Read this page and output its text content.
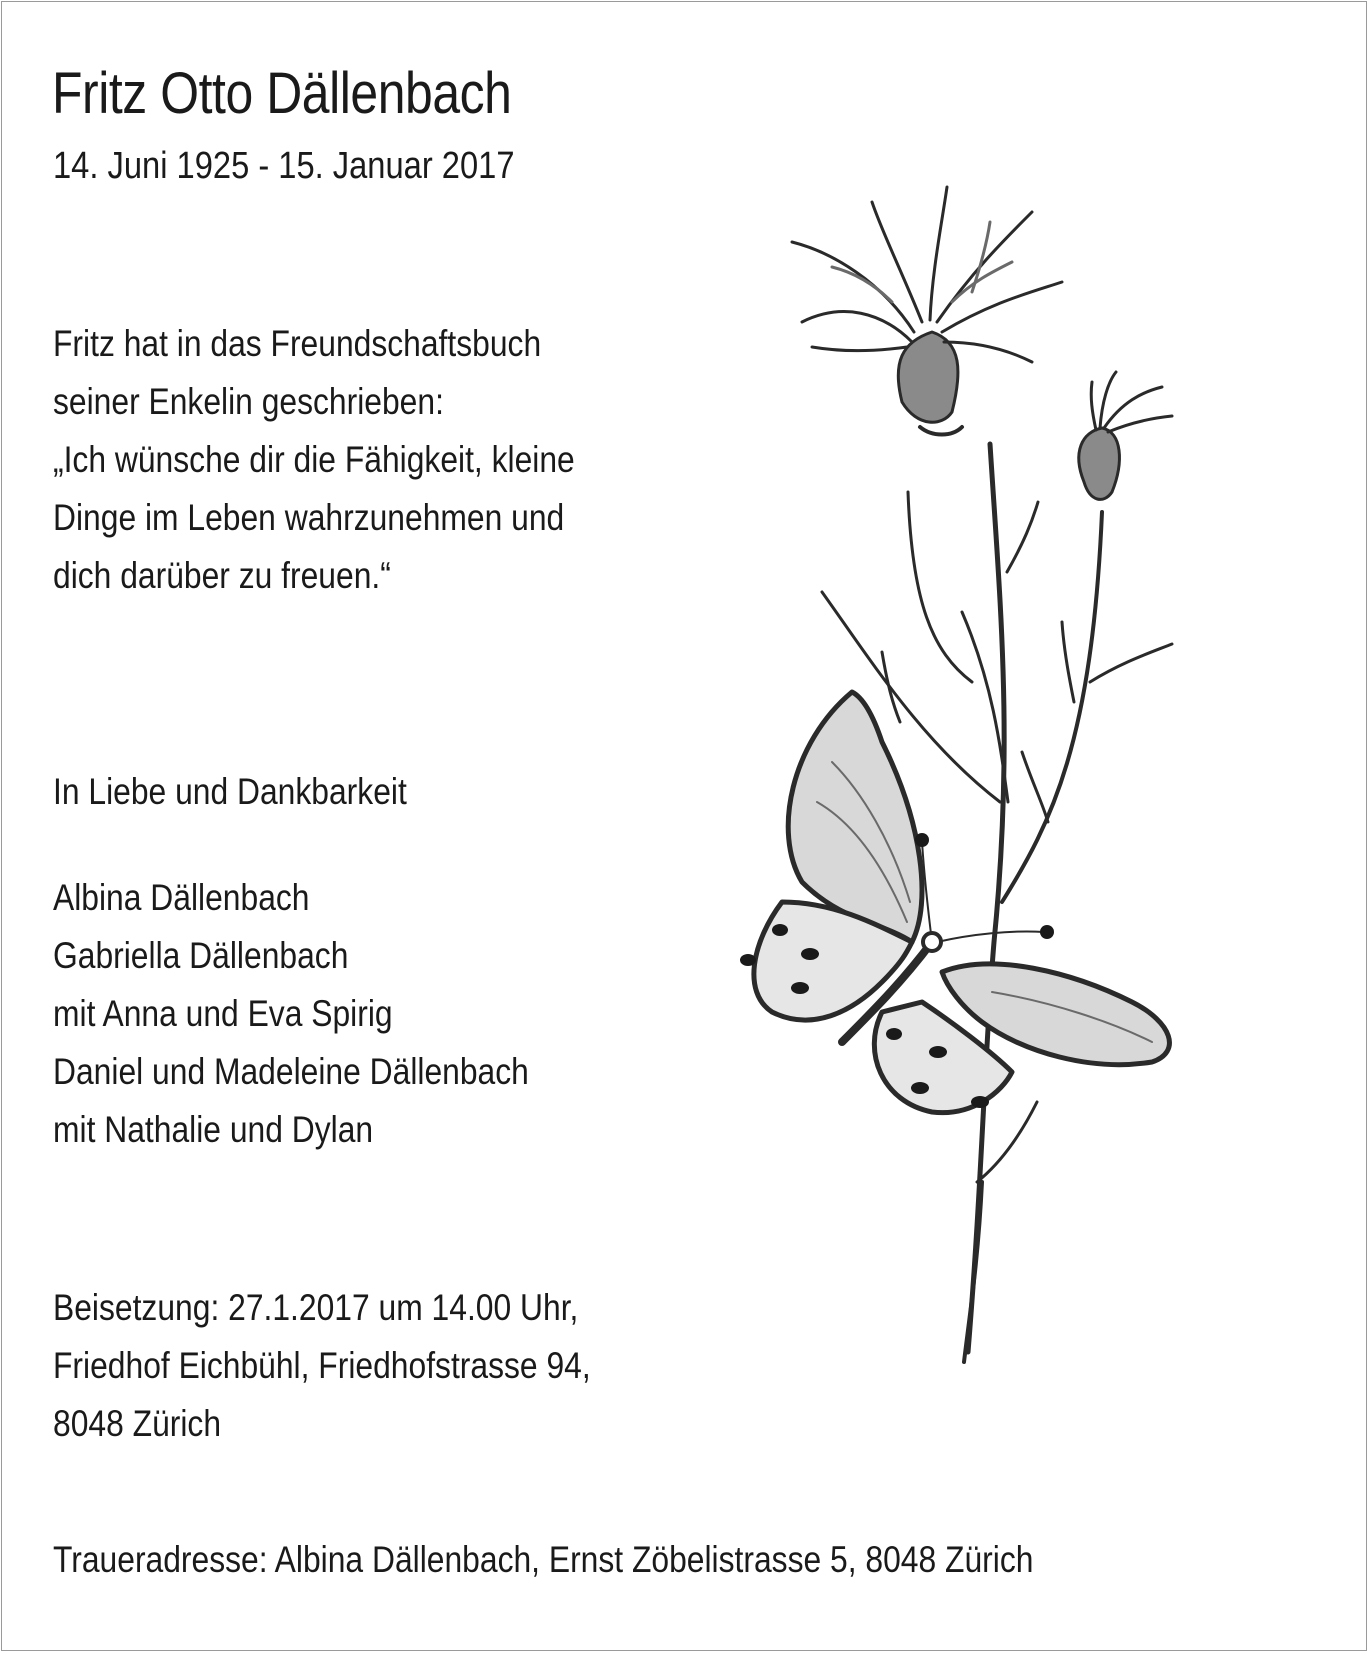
Fritz Otto Dällenbach
14. Juni 1925 - 15. Januar 2017
Fritz hat in das Freundschaftsbuch
seiner Enkelin geschrieben:
„Ich wünsche dir die Fähigkeit, kleine
Dinge im Leben wahrzunehmen und
dich darüber zu freuen.“
In Liebe und Dankbarkeit
Albina Dällenbach
Gabriella Dällenbach
mit Anna und Eva Spirig
Daniel und Madeleine Dällenbach
mit Nathalie und Dylan
Beisetzung: 27.1.2017 um 14.00 Uhr,
Friedhof Eichbühl, Friedhofstrasse 94,
8048 Zürich
Traueradresse: Albina Dällenbach, Ernst Zöbelistrasse 5, 8048 Zürich
